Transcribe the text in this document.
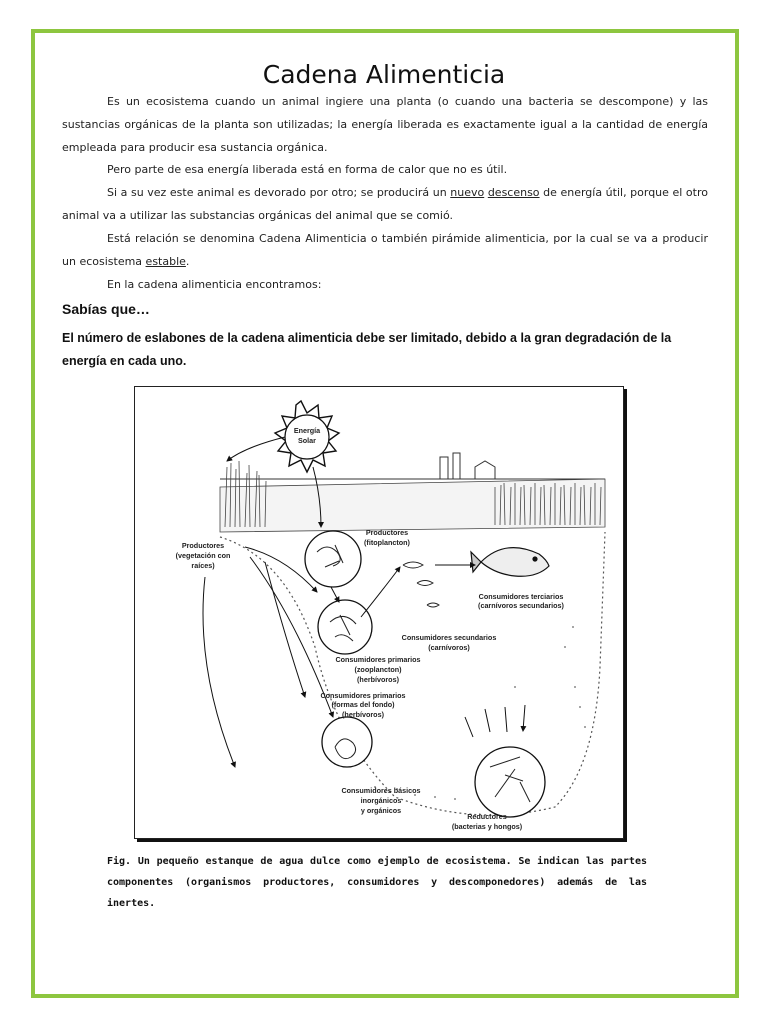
Cadena Alimenticia
Es un ecosistema cuando un animal ingiere una planta (o cuando una bacteria se descompone) y las sustancias orgánicas de la planta son utilizadas; la energía liberada es exactamente igual a la cantidad de energía empleada para producir esa sustancia orgánica.
Pero parte de esa energía liberada está en forma de calor que no es útil.
Si a su vez este animal es devorado por otro; se producirá un nuevo descenso de energía útil, porque el otro animal va a utilizar las substancias orgánicas del animal que se comió.
Está relación se denomina Cadena Alimenticia o también pirámide alimenticia, por la cual se va a producir un ecosistema estable.
En la cadena alimenticia encontramos:
Sabías que…
El número de eslabones de la cadena alimenticia debe ser limitado, debido a la gran degradación de la energía en cada uno.
Energía
Solar
Productores
(fitoplancton)
Productores
(vegetación con
raíces)
Consumidores terciarios
(carnívoros secundarios)
Consumidores secundarios
(carnívoros)
Consumidores primarios
(zooplancton)
(herbívoros)
Consumidores primarios
(formas del fondo)
(herbívoros)
Consumidores básicos
inorgánicos
y orgánicos
Reductores
(bacterias y hongos)
Fig. Un pequeño estanque de agua dulce como ejemplo de ecosistema. Se indican las partes componentes (organismos productores, consumidores y descomponedores) además de las inertes.
